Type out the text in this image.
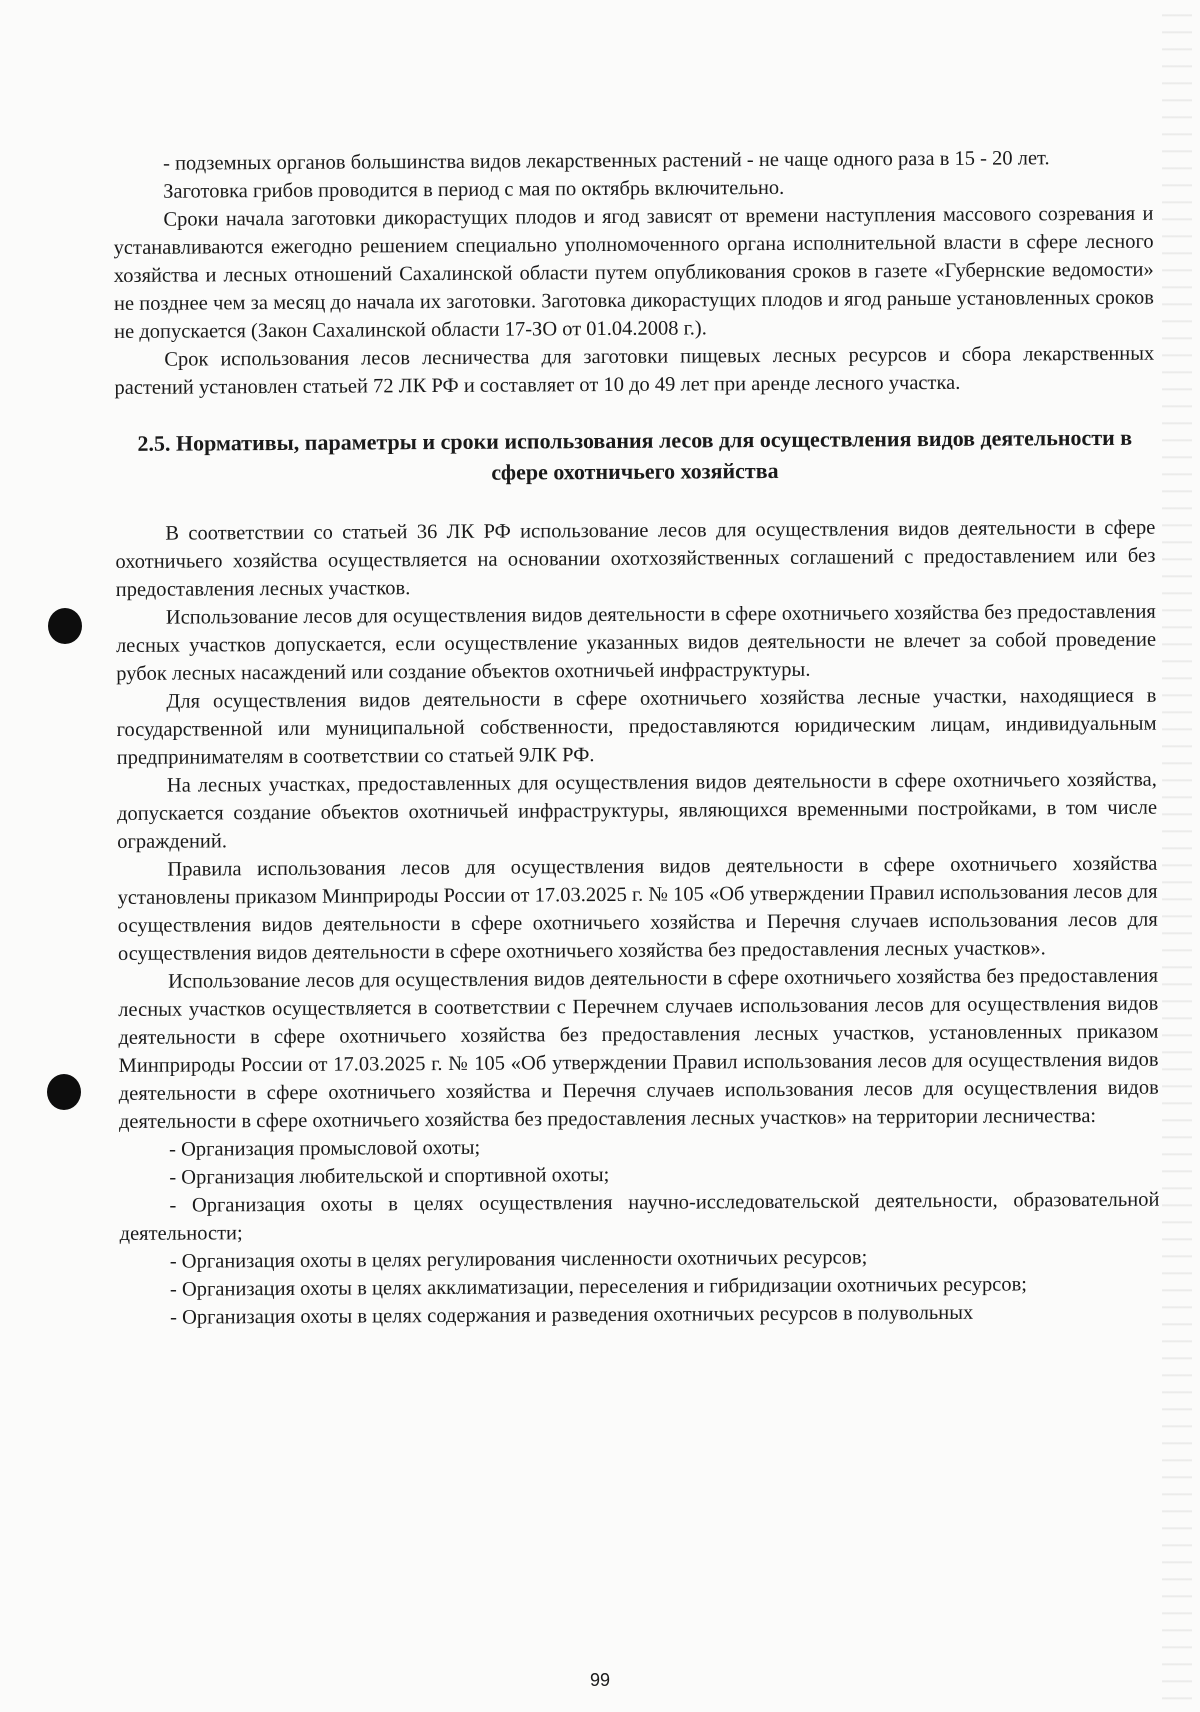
- подземных органов большинства видов лекарственных растений - не чаще одного раза в 15 - 20 лет.

Заготовка грибов проводится в период с мая по октябрь включительно.

Сроки начала заготовки дикорастущих плодов и ягод зависят от времени наступления массового созревания и устанавливаются ежегодно решением специально уполномоченного органа исполнительной власти в сфере лесного хозяйства и лесных отношений Сахалинской области путем опубликования сроков в газете «Губернские ведомости» не позднее чем за месяц до начала их заготовки. Заготовка дикорастущих плодов и ягод раньше установленных сроков не допускается (Закон Сахалинской области 17-ЗО от 01.04.2008 г.).

Срок использования лесов лесничества для заготовки пищевых лесных ресурсов и сбора лекарственных растений установлен статьей 72 ЛК РФ и составляет от 10 до 49 лет при аренде лесного участка.

2.5. Нормативы, параметры и сроки использования лесов для осуществления видов деятельности в сфере охотничьего хозяйства

В соответствии со статьей 36 ЛК РФ использование лесов для осуществления видов деятельности в сфере охотничьего хозяйства осуществляется на основании охотхозяйственных соглашений с предоставлением или без предоставления лесных участков.

Использование лесов для осуществления видов деятельности в сфере охотничьего хозяйства без предоставления лесных участков допускается, если осуществление указанных видов деятельности не влечет за собой проведение рубок лесных насаждений или создание объектов охотничьей инфраструктуры.

Для осуществления видов деятельности в сфере охотничьего хозяйства лесные участки, находящиеся в государственной или муниципальной собственности, предоставляются юридическим лицам, индивидуальным предпринимателям в соответствии со статьей 9ЛК РФ.

На лесных участках, предоставленных для осуществления видов деятельности в сфере охотничьего хозяйства, допускается создание объектов охотничьей инфраструктуры, являющихся временными постройками, в том числе ограждений.

Правила использования лесов для осуществления видов деятельности в сфере охотничьего хозяйства установлены приказом Минприроды России от 17.03.2025 г. № 105 «Об утверждении Правил использования лесов для осуществления видов деятельности в сфере охотничьего хозяйства и Перечня случаев использования лесов для осуществления видов деятельности в сфере охотничьего хозяйства без предоставления лесных участков».

Использование лесов для осуществления видов деятельности в сфере охотничьего хозяйства без предоставления лесных участков осуществляется в соответствии с Перечнем случаев использования лесов для осуществления видов деятельности в сфере охотничьего хозяйства без предоставления лесных участков, установленных приказом Минприроды России от 17.03.2025 г. № 105 «Об утверждении Правил использования лесов для осуществления видов деятельности в сфере охотничьего хозяйства и Перечня случаев использования лесов для осуществления видов деятельности в сфере охотничьего хозяйства без предоставления лесных участков» на территории лесничества:

- Организация промысловой охоты;

- Организация любительской и спортивной охоты;

- Организация охоты в целях осуществления научно-исследовательской деятельности, образовательной деятельности;

- Организация охоты в целях регулирования численности охотничьих ресурсов;

- Организация охоты в целях акклиматизации, переселения и гибридизации охотничьих ресурсов;

- Организация охоты в целях содержания и разведения охотничьих ресурсов в полувольных

99
